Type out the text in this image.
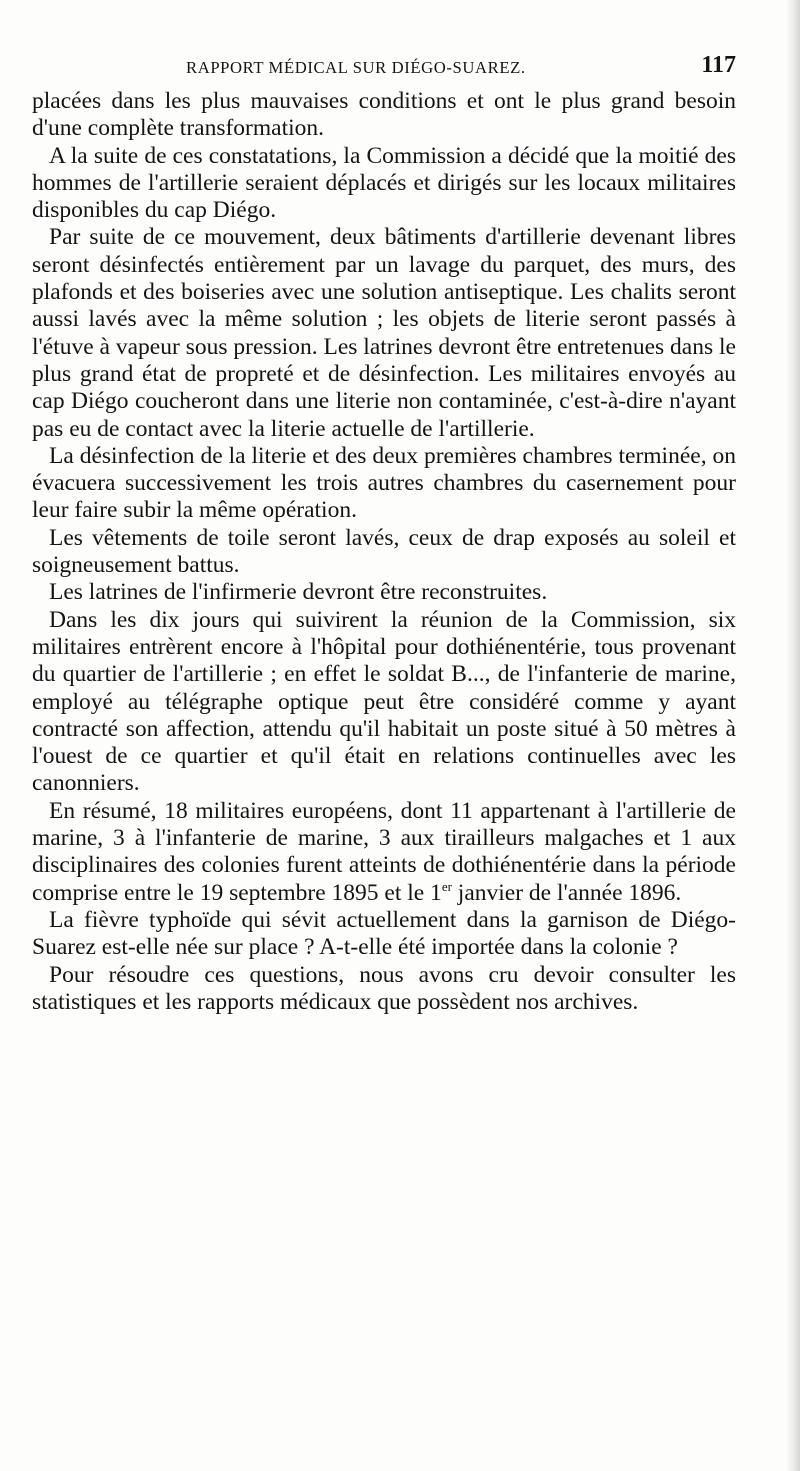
RAPPORT MÉDICAL SUR DIÉGO-SUAREZ.	117

placées dans les plus mauvaises conditions et ont le plus grand besoin d'une complète transformation.

A la suite de ces constatations, la Commission a décidé que la moitié des hommes de l'artillerie seraient déplacés et dirigés sur les locaux militaires disponibles du cap Diégo.

Par suite de ce mouvement, deux bâtiments d'artillerie devenant libres seront désinfectés entièrement par un lavage du parquet, des murs, des plafonds et des boiseries avec une solution antiseptique. Les chalits seront aussi lavés avec la même solution ; les objets de literie seront passés à l'étuve à vapeur sous pression. Les latrines devront être entretenues dans le plus grand état de propreté et de désinfection. Les militaires envoyés au cap Diégo coucheront dans une literie non contaminée, c'est-à-dire n'ayant pas eu de contact avec la literie actuelle de l'artillerie.

La désinfection de la literie et des deux premières chambres terminée, on évacuera successivement les trois autres chambres du casernement pour leur faire subir la même opération.

Les vêtements de toile seront lavés, ceux de drap exposés au soleil et soigneusement battus.

Les latrines de l'infirmerie devront être reconstruites.

Dans les dix jours qui suivirent la réunion de la Commission, six militaires entrèrent encore à l'hôpital pour dothiénentérie, tous provenant du quartier de l'artillerie ; en effet le soldat B..., de l'infanterie de marine, employé au télégraphe optique peut être considéré comme y ayant contracté son affection, attendu qu'il habitait un poste situé à 50 mètres à l'ouest de ce quartier et qu'il était en relations continuelles avec les canonniers.

En résumé, 18 militaires européens, dont 11 appartenant à l'artillerie de marine, 3 à l'infanterie de marine, 3 aux tirailleurs malgaches et 1 aux disciplinaires des colonies furent atteints de dothiénentérie dans la période comprise entre le 19 septembre 1895 et le 1er janvier de l'année 1896.

La fièvre typhoïde qui sévit actuellement dans la garnison de Diégo-Suarez est-elle née sur place ? A-t-elle été importée dans la colonie ?

Pour résoudre ces questions, nous avons cru devoir consulter les statistiques et les rapports médicaux que possèdent nos archives.
